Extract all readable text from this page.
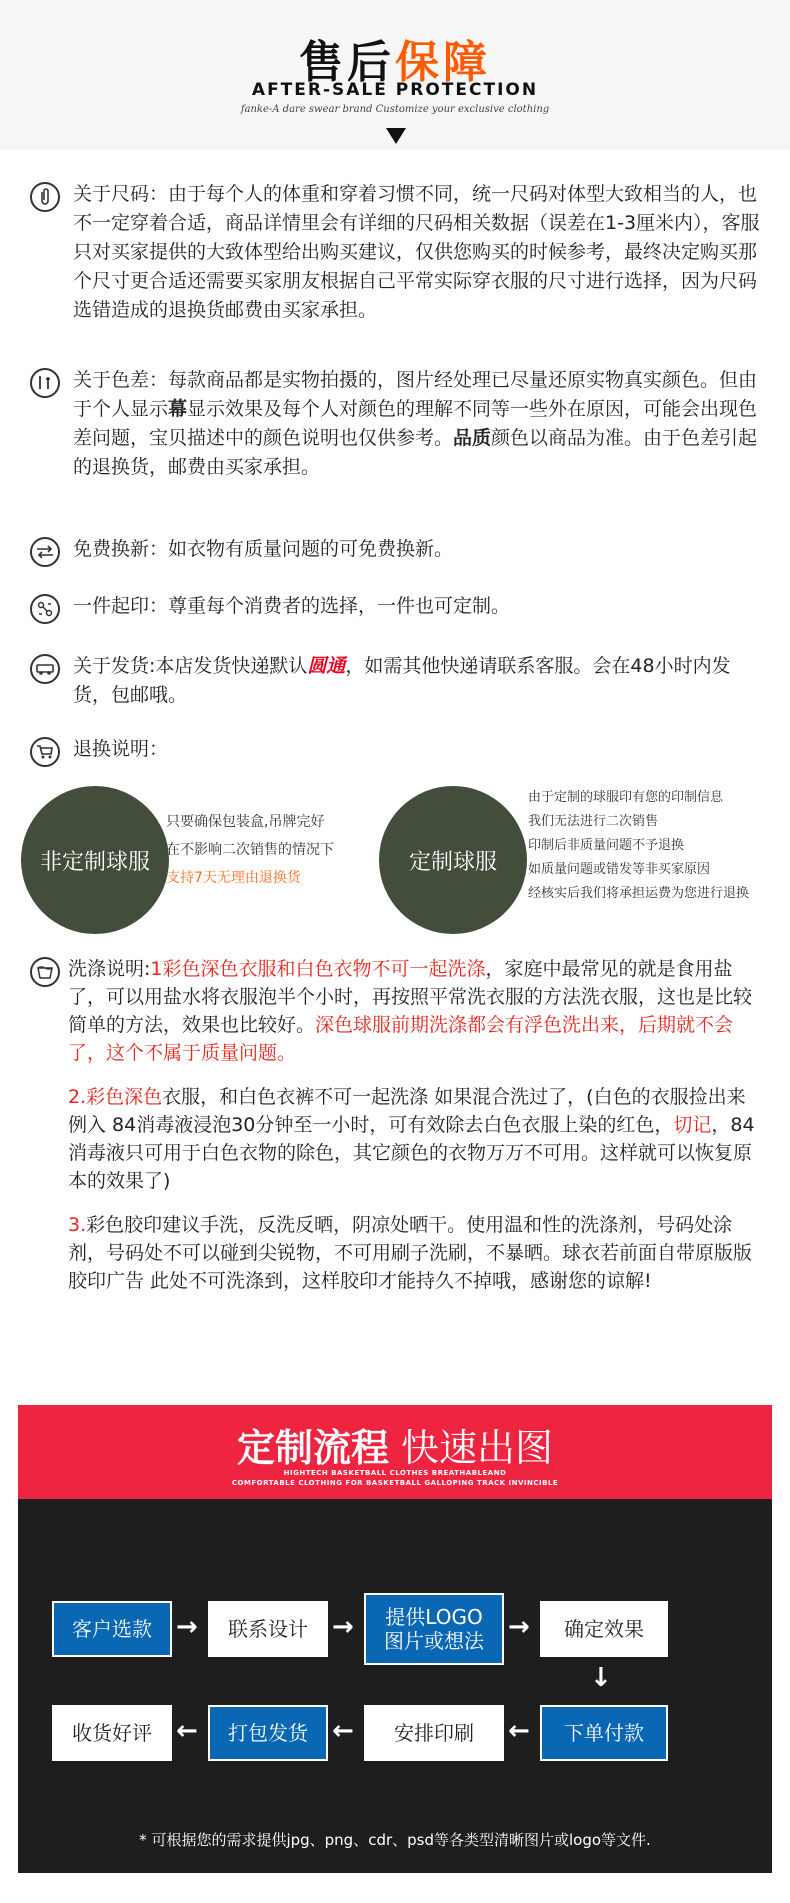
售后保障
AFTER-SALE PROTECTION
fanke-A dare swear brand Customize your exclusive clothing
关于尺码：由于每个人的体重和穿着习惯不同，统一尺码对体型大致相当的人，也不一定穿着合适，商品详情里会有详细的尺码相关数据（误差在1-3厘米内），客服只对买家提供的大致体型给出购买建议，仅供您购买的时候参考，最终决定购买那个尺寸更合适还需要买家朋友根据自己平常实际穿衣服的尺寸进行选择，因为尺码选错造成的退换货邮费由买家承担。
关于色差：每款商品都是实物拍摄的，图片经处理已尽量还原实物真实颜色。但由于个人显示幕显示效果及每个人对颜色的理解不同等一些外在原因，可能会出现色差问题，宝贝描述中的颜色说明也仅供参考。品质颜色以商品为准。由于色差引起的退换货，邮费由买家承担。
免费换新：如衣物有质量问题的可免费换新。
一件起印：尊重每个消费者的选择，一件也可定制。
关于发货:本店发货快递默认圆通，如需其他快递请联系客服。会在48小时内发货，包邮哦。
退换说明：
非定制球服
只要确保包装盒,吊牌完好
在不影响二次销售的情况下
支持7天无理由退换货
定制球服
由于定制的球服印有您的印制信息
我们无法进行二次销售
印制后非质量问题不予退换
如质量问题或错发等非买家原因
经核实后我们将承担运费为您进行退换
洗涤说明:1彩色深色衣服和白色衣物不可一起洗涤，家庭中最常见的就是食用盐了，可以用盐水将衣服泡半个小时，再按照平常洗衣服的方法洗衣服，这也是比较简单的方法，效果也比较好。深色球服前期洗涤都会有浮色洗出来，后期就不会了，这个不属于质量问题。
2.彩色深色衣服，和白色衣裤不可一起洗涤 如果混合洗过了，(白色的衣服捡出来例入 84消毒液浸泡30分钟至一小时，可有效除去白色衣服上染的红色，切记，84消毒液只可用于白色衣物的除色，其它颜色的衣物万万不可用。这样就可以恢复原本的效果了)
3.彩色胶印建议手洗，反洗反晒，阴凉处晒干。使用温和性的洗涤剂，号码处涂剂，号码处不可以碰到尖锐物，不可用刷子洗刷，不暴晒。球衣若前面自带原版版胶印广告 此处不可洗涤到，这样胶印才能持久不掉哦，感谢您的谅解!
定制流程 快速出图
HIGHTECH BASKETBALL CLOTHES BREATHABLEAND
COMFORTABLE CLOTHING FOR BASKETBALL GALLOPING TRACK INVINCIBLE
客户选款 →	联系设计 →	提供LOGO
图片或想法 →	确定效果
↓
下单付款
←
安排印刷
←
打包发货
←
收货好评
* 可根据您的需求提供jpg、png、cdr、psd等各类型清晰图片或logo等文件.
